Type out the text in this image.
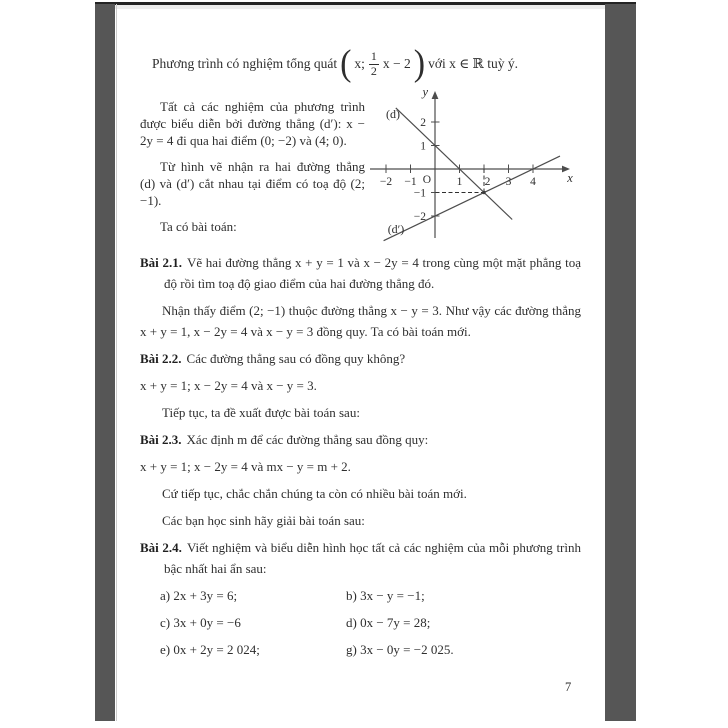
Phương trình có nghiệm tổng quát ( x; $\frac{1}{2}$ x − 2 ) với x ∈ ℝ tuỳ ý.

Tất cả các nghiệm của phương trình được biểu diễn bởi đường thẳng (d′): x − 2y = 4 đi qua hai điểm (0; −2) và (4; 0).

Từ hình vẽ nhận ra hai đường thẳng (d) và (d′) cắt nhau tại điểm có toạ độ (2; −1).

Ta có bài toán:

−2 −1	1 2 3 4
2
1
−1
−2
O	x
y
(d)
(d′)

Bài 2.1. Vẽ hai đường thẳng x + y = 1 và x − 2y = 4 trong cùng một mặt phẳng toạ độ rồi tìm toạ độ giao điểm của hai đường thẳng đó.

Nhận thấy điểm (2; −1) thuộc đường thẳng x − y = 3. Như vậy các đường thẳng x + y = 1, x − 2y = 4 và x − y = 3 đồng quy. Ta có bài toán mới.

Bài 2.2. Các đường thẳng sau có đồng quy không?

x + y = 1; x − 2y = 4 và x − y = 3.

Tiếp tục, ta đề xuất được bài toán sau:

Bài 2.3. Xác định m để các đường thẳng sau đồng quy:

x + y = 1; x − 2y = 4 và mx − y = m + 2.

Cứ tiếp tục, chắc chắn chúng ta còn có nhiều bài toán mới.

Các bạn học sinh hãy giải bài toán sau:

Bài 2.4. Viết nghiệm và biểu diễn hình học tất cả các nghiệm của mỗi phương trình bậc nhất hai ẩn sau:

a) 2x + 3y = 6;	b) 3x − y = −1;
c) 3x + 0y = −6	d) 0x − 7y = 28;
e) 0x + 2y = 2 024;	g) 3x − 0y = −2 025.
7
